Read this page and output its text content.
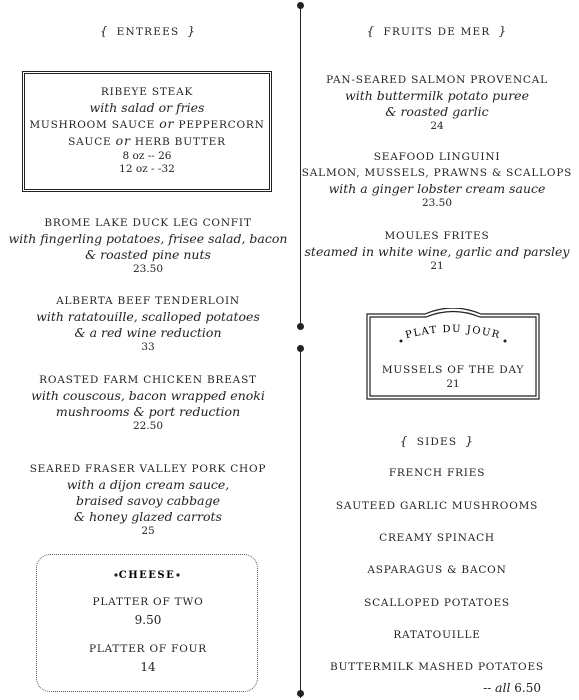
{ ENTREES }
RIBEYE STEAK
with salad or fries
MUSHROOM SAUCE or PEPPERCORN
SAUCE or HERB BUTTER
8 oz -- 26
12 oz - -32
BROME LAKE DUCK LEG CONFIT
with fingerling potatoes, frisee salad, bacon
& roasted pine nuts
23.50
ALBERTA BEEF TENDERLOIN
with ratatouille, scalloped potatoes
& a red wine reduction
33
ROASTED FARM CHICKEN BREAST
with couscous, bacon wrapped enoki
mushrooms & port reduction
22.50
SEARED FRASER VALLEY PORK CHOP
with a dijon cream sauce,
braised savoy cabbage
& honey glazed carrots
25
CHEESE
PLATTER OF TWO
9.50
PLATTER OF FOUR
14
{ FRUITS DE MER }
PAN-SEARED SALMON PROVENCAL
with buttermilk potato puree
& roasted garlic
24
SEAFOOD LINGUINI
SALMON, MUSSELS, PRAWNS & SCALLOPS
with a ginger lobster cream sauce
23.50
MOULES FRITES
steamed in white wine, garlic and parsley
21
PLAT DU JOUR
MUSSELS OF THE DAY
21
{ SIDES }
FRENCH FRIES
SAUTEED GARLIC MUSHROOMS
CREAMY SPINACH
ASPARAGUS & BACON
SCALLOPED POTATOES
RATATOUILLE
BUTTERMILK MASHED POTATOES
-- all 6.50
